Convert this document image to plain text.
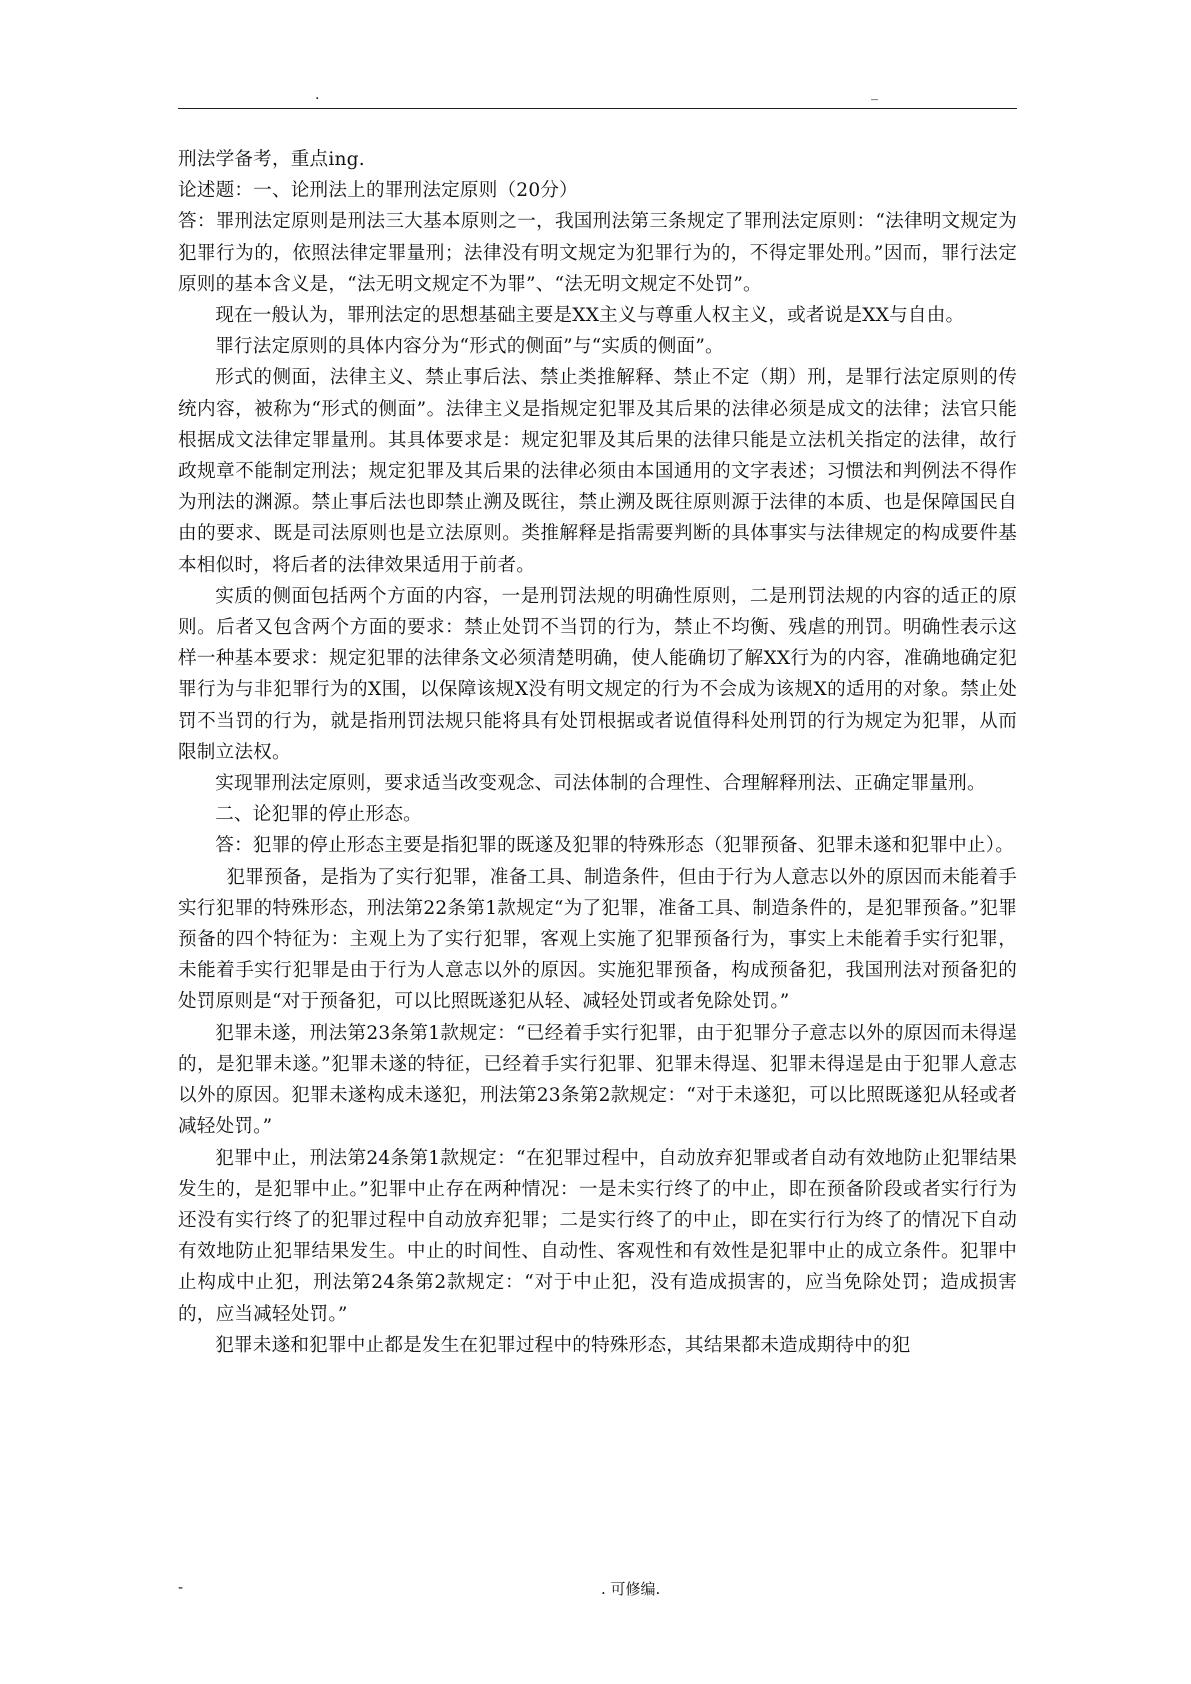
.	_

刑法学备考，重点ing.

论述题：一、论刑法上的罪刑法定原则（20分）

答：罪刑法定原则是刑法三大基本原则之一，我国刑法第三条规定了罪刑法定原则：“法律明文规定为犯罪行为的，依照法律定罪量刑；法律没有明文规定为犯罪行为的，不得定罪处刑。”因而，罪行法定原则的基本含义是，“法无明文规定不为罪”、“法无明文规定不处罚”。

现在一般认为，罪刑法定的思想基础主要是XX主义与尊重人权主义，或者说是XX与自由。

罪行法定原则的具体内容分为“形式的侧面”与“实质的侧面”。

形式的侧面，法律主义、禁止事后法、禁止类推解释、禁止不定（期）刑，是罪行法定原则的传统内容，被称为“形式的侧面”。法律主义是指规定犯罪及其后果的法律必须是成文的法律；法官只能根据成文法律定罪量刑。其具体要求是：规定犯罪及其后果的法律只能是立法机关指定的法律，故行政规章不能制定刑法；规定犯罪及其后果的法律必须由本国通用的文字表述；习惯法和判例法不得作为刑法的渊源。禁止事后法也即禁止溯及既往，禁止溯及既往原则源于法律的本质、也是保障国民自由的要求、既是司法原则也是立法原则。类推解释是指需要判断的具体事实与法律规定的构成要件基本相似时，将后者的法律效果适用于前者。

实质的侧面包括两个方面的内容，一是刑罚法规的明确性原则，二是刑罚法规的内容的适正的原则。后者又包含两个方面的要求：禁止处罚不当罚的行为，禁止不均衡、残虐的刑罚。明确性表示这样一种基本要求：规定犯罪的法律条文必须清楚明确，使人能确切了解XX行为的内容，准确地确定犯罪行为与非犯罪行为的X围，以保障该规X没有明文规定的行为不会成为该规X的适用的对象。禁止处罚不当罚的行为，就是指刑罚法规只能将具有处罚根据或者说值得科处刑罚的行为规定为犯罪，从而限制立法权。

实现罪刑法定原则，要求适当改变观念、司法体制的合理性、合理解释刑法、正确定罪量刑。

二、论犯罪的停止形态。

答：犯罪的停止形态主要是指犯罪的既遂及犯罪的特殊形态（犯罪预备、犯罪未遂和犯罪中止）。

犯罪预备，是指为了实行犯罪，准备工具、制造条件，但由于行为人意志以外的原因而未能着手实行犯罪的特殊形态，刑法第22条第1款规定“为了犯罪，准备工具、制造条件的，是犯罪预备。”犯罪预备的四个特征为：主观上为了实行犯罪，客观上实施了犯罪预备行为，事实上未能着手实行犯罪，未能着手实行犯罪是由于行为人意志以外的原因。实施犯罪预备，构成预备犯，我国刑法对预备犯的处罚原则是“对于预备犯，可以比照既遂犯从轻、减轻处罚或者免除处罚。”

犯罪未遂，刑法第23条第1款规定：“已经着手实行犯罪，由于犯罪分子意志以外的原因而未得逞的，是犯罪未遂。”犯罪未遂的特征，已经着手实行犯罪、犯罪未得逞、犯罪未得逞是由于犯罪人意志以外的原因。犯罪未遂构成未遂犯，刑法第23条第2款规定：“对于未遂犯，可以比照既遂犯从轻或者减轻处罚。”

犯罪中止，刑法第24条第1款规定：“在犯罪过程中，自动放弃犯罪或者自动有效地防止犯罪结果发生的，是犯罪中止。”犯罪中止存在两种情况：一是未实行终了的中止，即在预备阶段或者实行行为还没有实行终了的犯罪过程中自动放弃犯罪；二是实行终了的中止，即在实行行为终了的情况下自动有效地防止犯罪结果发生。中止的时间性、自动性、客观性和有效性是犯罪中止的成立条件。犯罪中止构成中止犯，刑法第24条第2款规定：“对于中止犯，没有造成损害的，应当免除处罚；造成损害的，应当减轻处罚。”

犯罪未遂和犯罪中止都是发生在犯罪过程中的特殊形态，其结果都未造成期待中的犯

-	. 可修编.
